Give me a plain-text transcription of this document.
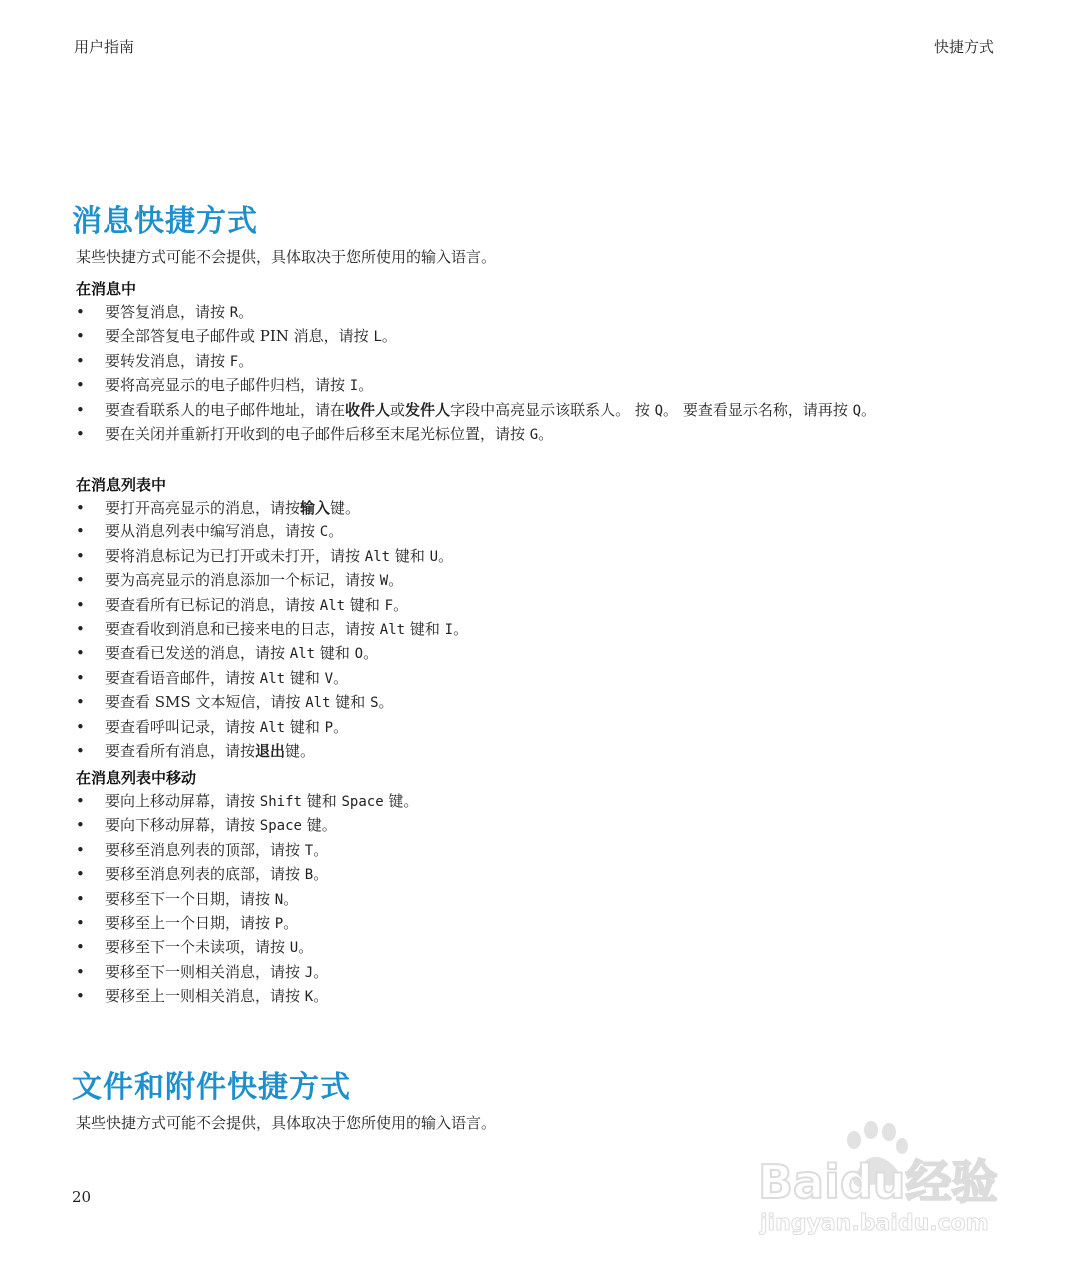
用户指南	快捷方式
消息快捷方式

某些快捷方式可能不会提供，具体取决于您所使用的输入语言。

在消息中
• 要答复消息，请按 R。
• 要全部答复电子邮件或 PIN 消息，请按 L。
• 要转发消息，请按 F。
• 要将高亮显示的电子邮件归档，请按 I。
• 要查看联系人的电子邮件地址，请在收件人或发件人字段中高亮显示该联系人。 按 Q。 要查看显示名称，请再按 Q。
• 要在关闭并重新打开收到的电子邮件后移至末尾光标位置，请按 G。
在消息列表中
• 要打开高亮显示的消息，请按输入键。
• 要从消息列表中编写消息，请按 C。
• 要将消息标记为已打开或未打开，请按 Alt 键和 U。
• 要为高亮显示的消息添加一个标记，请按 W。
• 要查看所有已标记的消息，请按 Alt 键和 F。
• 要查看收到消息和已接来电的日志，请按 Alt 键和 I。
• 要查看已发送的消息，请按 Alt 键和 O。
• 要查看语音邮件，请按 Alt 键和 V。
• 要查看 SMS 文本短信，请按 Alt 键和 S。
• 要查看呼叫记录，请按 Alt 键和 P。
• 要查看所有消息，请按退出键。
在消息列表中移动
• 要向上移动屏幕，请按 Shift 键和 Space 键。
• 要向下移动屏幕，请按 Space 键。
• 要移至消息列表的顶部，请按 T。
• 要移至消息列表的底部，请按 B。
• 要移至下一个日期，请按 N。
• 要移至上一个日期，请按 P。
• 要移至下一个未读项，请按 U。
• 要移至下一则相关消息，请按 J。
• 要移至上一则相关消息，请按 K。
文件和附件快捷方式

某些快捷方式可能不会提供，具体取决于您所使用的输入语言。

20	Baidu经验
jingyan.baidu.com
